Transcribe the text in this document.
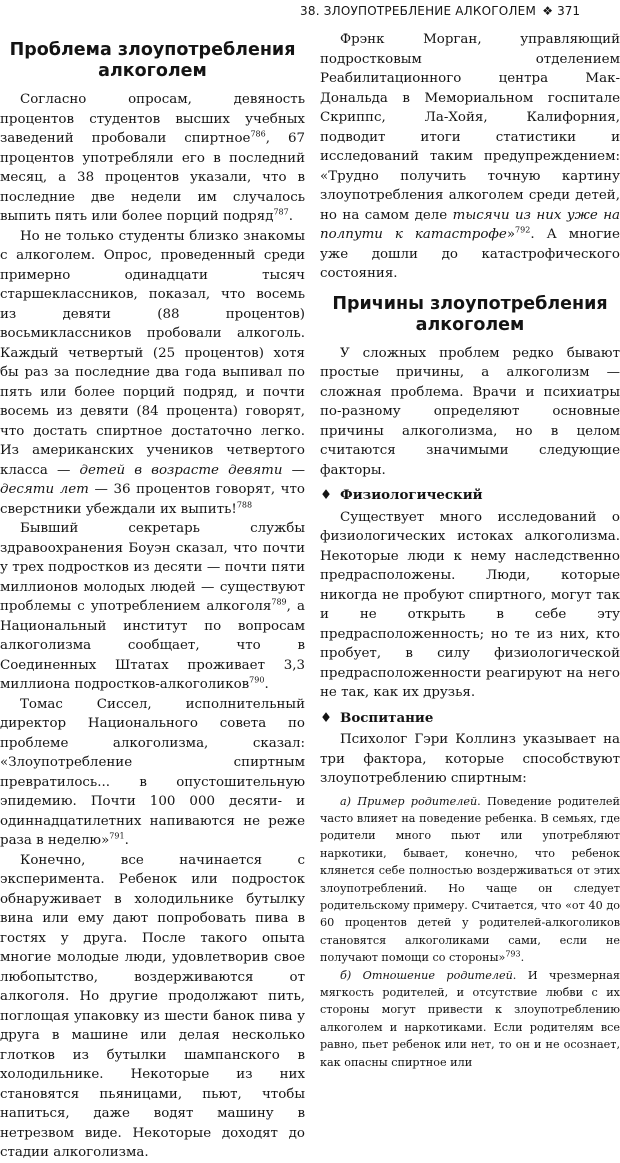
38. ЗЛОУПОТРЕБЛЕНИЕ АЛКОГОЛЕМ ❖ 371
Проблема злоупотребления алкоголем

Согласно опросам, девяность процентов студентов высших учебных заведений пробовали спиртное$^{786}$, 67 процентов употребляли его в последний месяц, а 38 процентов указали, что в последние две недели им случалось выпить пять или более порций подряд$^{787}$.

Но не только студенты близко знакомы с алкоголем. Опрос, проведенный среди примерно одинадцати тысяч старшеклассников, показал, что восемь из девяти (88 процентов) восьмиклассников пробовали алкоголь. Каждый четвертый (25 процентов) хотя бы раз за последние два года выпивал по пять или более порций подряд, и почти восемь из девяти (84 процента) говорят, что достать спиртное достаточно легко. Из американских учеников четвертого класса — детей в возрасте девяти — десяти лет — 36 процентов говорят, что сверстники убеждали их выпить!$^{788}$

Бывший секретарь службы здравоохранения Боуэн сказал, что почти у трех подростков из десяти — почти пяти миллионов молодых людей — существуют проблемы с употреблением алкоголя$^{789}$, а Национальный институт по вопросам алкоголизма сообщает, что в Соединенных Штатах проживает 3,3 миллиона подростков-алкоголиков$^{790}$.

Томас Сиссел, исполнительный директор Национального совета по проблеме алкоголизма, сказал: «Злоупотребление спиртным превратилось... в опустошительную эпидемию. Почти 100 000 десяти- и одиннадцатилетних напиваются не реже раза в неделю»$^{791}$.

Конечно, все начинается с эксперимента. Ребенок или подросток обнаруживает в холодильнике бутылку вина или ему дают попробовать пива в гостях у друга. После такого опыта многие молодые люди, удовлетворив свое любопытство, воздерживаются от алкоголя. Но другие продолжают пить, поглощая упаковку из шести банок пива у друга в машине или делая несколько глотков из бутылки шампанского в холодильнике. Некоторые из них становятся пьяницами, пьют, чтобы напиться, даже водят машину в нетрезвом виде. Некоторые доходят до стадии алкоголизма.

Фрэнк Морган, управляющий подростковым отделением Реабилитационного центра Мак-Дональда в Мемориальном госпитале Скриппс, Ла-Хойя, Калифорния, подводит итоги статистики и исследований таким предупреждением: «Трудно получить точную картину злоупотребления алкоголем среди детей, но на самом деле тысячи из них уже на полпути к катастрофе»$^{792}$. А многие уже дошли до катастрофического состояния.

Причины злоупотребления алкоголем

У сложных проблем редко бывают простые причины, а алкоголизм — сложная проблема. Врачи и психиатры по-разному определяют основные причины алкоголизма, но в целом считаются значимыми следующие факторы.

♦ Физиологический

Существует много исследований о физиологических истоках алкоголизма. Некоторые люди к нему наследственно предрасположены. Люди, которые никогда не пробуют спиртного, могут так и не открыть в себе эту предрасположенность; но те из них, кто пробует, в силу физиологической предрасположенности реагируют на него не так, как их друзья.

♦ Воспитание

Психолог Гэри Коллинз указывает на три фактора, которые способствуют злоупотреблению спиртным:

а) Пример родителей. Поведение родителей часто влияет на поведение ребенка. В семьях, где родители много пьют или употребляют наркотики, бывает, конечно, что ребенок клянется себе полностью воздерживаться от этих злоупотреблений. Но чаще он следует родительскому примеру. Считается, что «от 40 до 60 процентов детей у родителей-алкоголиков становятся алкоголиками сами, если не получают помощи со стороны»$^{793}$.

б) Отношение родителей. И чрезмерная мягкость родителей, и отсутствие любви с их стороны могут привести к злоупотреблению алкоголем и наркотиками. Если родителям все равно, пьет ребенок или нет, то он и не осознает, как опасны спиртное или
